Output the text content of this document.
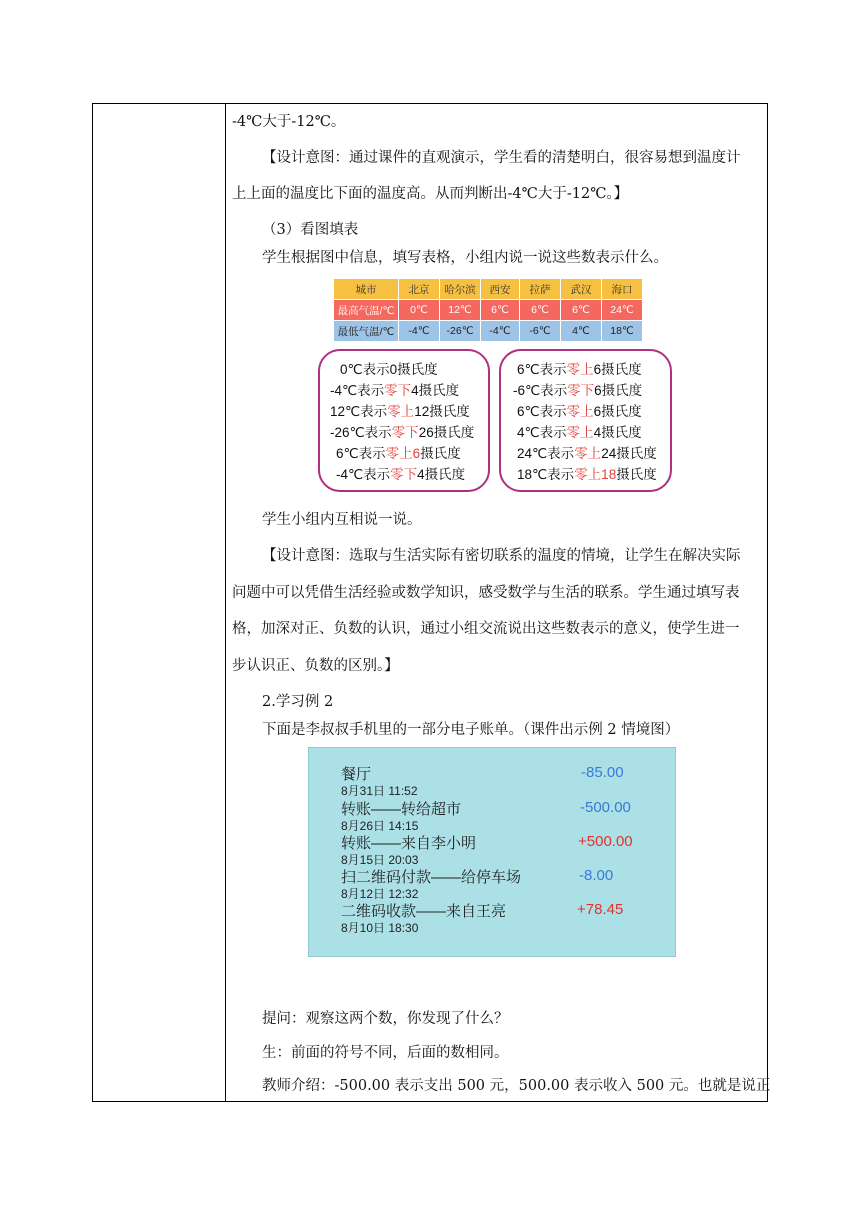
-4℃大于-12℃。
【设计意图：通过课件的直观演示，学生看的清楚明白，很容易想到温度计
上上面的温度比下面的温度高。从而判断出-4℃大于-12℃。】
（3）看图填表
学生根据图中信息，填写表格，小组内说一说这些数表示什么。
城市	北京	哈尔滨	西安	拉萨	武汉	海口
最高气温/℃	0℃	12℃	6℃	6℃	6℃	24℃
最低气温/℃	-4℃	-26℃	-4℃	-6℃	4℃	18℃
0℃表示0摄氏度
-4℃表示零下4摄氏度
12℃表示零上12摄氏度
-26℃表示零下26摄氏度
6℃表示零上6摄氏度
-4℃表示零下4摄氏度
6℃表示零上6摄氏度
-6℃表示零下6摄氏度
6℃表示零上6摄氏度
4℃表示零上4摄氏度
24℃表示零上24摄氏度
18℃表示零上18摄氏度
学生小组内互相说一说。
【设计意图：选取与生活实际有密切联系的温度的情境，让学生在解决实际
问题中可以凭借生活经验或数学知识，感受数学与生活的联系。学生通过填写表
格，加深对正、负数的认识，通过小组交流说出这些数表示的意义，使学生进一
步认识正、负数的区别。】
2.学习例 2
下面是李叔叔手机里的一部分电子账单。（课件出示例 2 情境图）
餐厅
8月31日 11:52
-85.00
转账——转给超市
8月26日 14:15
-500.00
转账——来自李小明
8月15日 20:03
+500.00
扫二维码付款——给停车场
8月12日 12:32
-8.00
二维码收款——来自王亮
8月10日 18:30
+78.45
提问：观察这两个数，你发现了什么？
生：前面的符号不同，后面的数相同。
教师介绍：-500.00 表示支出 500 元，500.00 表示收入 500 元。也就是说正
